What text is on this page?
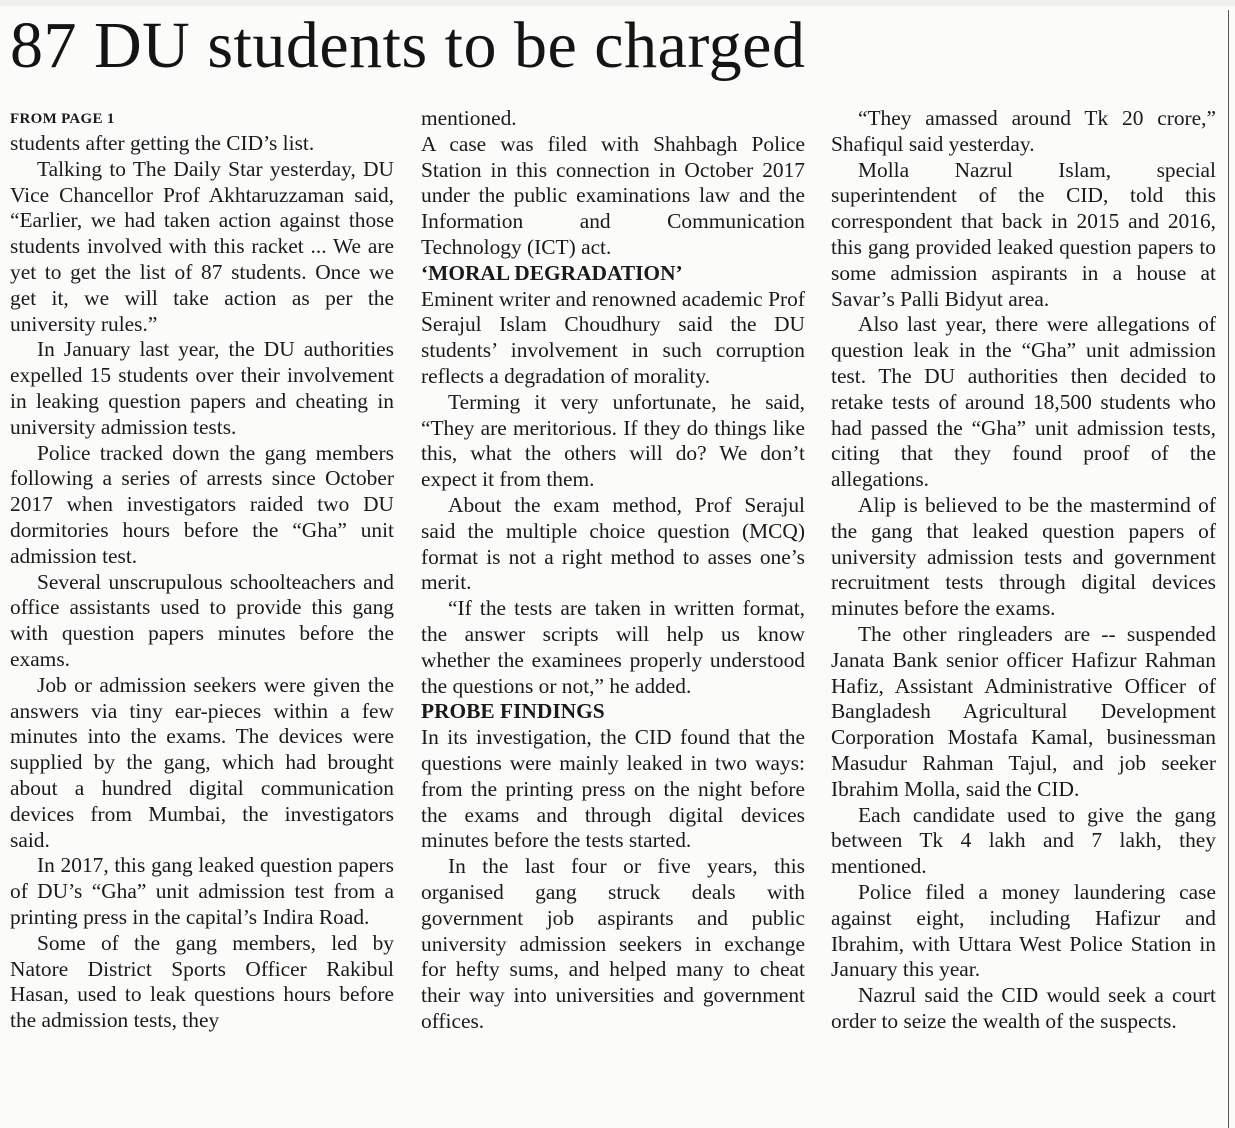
87 DU students to be charged
FROM PAGE 1

students after getting the CID’s list.

Talking to The Daily Star yesterday, DU Vice Chancellor Prof Akhtaruzzaman said, “Earlier, we had taken action against those students involved with this racket ... We are yet to get the list of 87 students. Once we get it, we will take action as per the university rules.”

In January last year, the DU authorities expelled 15 students over their involvement in leaking question papers and cheating in university admission tests.

Police tracked down the gang members following a series of arrests since October 2017 when investigators raided two DU dormitories hours before the “Gha” unit admission test.

Several unscrupulous schoolteachers and office assistants used to provide this gang with question papers minutes before the exams.

Job or admission seekers were given the answers via tiny ear-pieces within a few minutes into the exams. The devices were supplied by the gang, which had brought about a hundred digital communication devices from Mumbai, the investigators said.

In 2017, this gang leaked question papers of DU’s “Gha” unit admission test from a printing press in the capital’s Indira Road.

Some of the gang members, led by Natore District Sports Officer Rakibul Hasan, used to leak questions hours before the admission tests, they

mentioned.

A case was filed with Shahbagh Police Station in this connection in October 2017 under the public examinations law and the Information and Communication Technology (ICT) act.

‘MORAL DEGRADATION’

Eminent writer and renowned academic Prof Serajul Islam Choudhury said the DU students’ involvement in such corruption reflects a degradation of morality.

Terming it very unfortunate, he said, “They are meritorious. If they do things like this, what the others will do? We don’t expect it from them.

About the exam method, Prof Serajul said the multiple choice question (MCQ) format is not a right method to asses one’s merit.

“If the tests are taken in written format, the answer scripts will help us know whether the examinees properly understood the questions or not,” he added.

PROBE FINDINGS

In its investigation, the CID found that the questions were mainly leaked in two ways: from the printing press on the night before the exams and through digital devices minutes before the tests started.

In the last four or five years, this organised gang struck deals with government job aspirants and public university admission seekers in exchange for hefty sums, and helped many to cheat their way into universities and government offices.

“They amassed around Tk 20 crore,” Shafiqul said yesterday.

Molla Nazrul Islam, special superintendent of the CID, told this correspondent that back in 2015 and 2016, this gang provided leaked question papers to some admission aspirants in a house at Savar’s Palli Bidyut area.

Also last year, there were allegations of question leak in the “Gha” unit admission test. The DU authorities then decided to retake tests of around 18,500 students who had passed the “Gha” unit admission tests, citing that they found proof of the allegations.

Alip is believed to be the mastermind of the gang that leaked question papers of university admission tests and government recruitment tests through digital devices minutes before the exams.

The other ringleaders are -- suspended Janata Bank senior officer Hafizur Rahman Hafiz, Assistant Administrative Officer of Bangladesh Agricultural Development Corporation Mostafa Kamal, businessman Masudur Rahman Tajul, and job seeker Ibrahim Molla, said the CID.

Each candidate used to give the gang between Tk 4 lakh and 7 lakh, they mentioned.

Police filed a money laundering case against eight, including Hafizur and Ibrahim, with Uttara West Police Station in January this year.

Nazrul said the CID would seek a court order to seize the wealth of the suspects.
